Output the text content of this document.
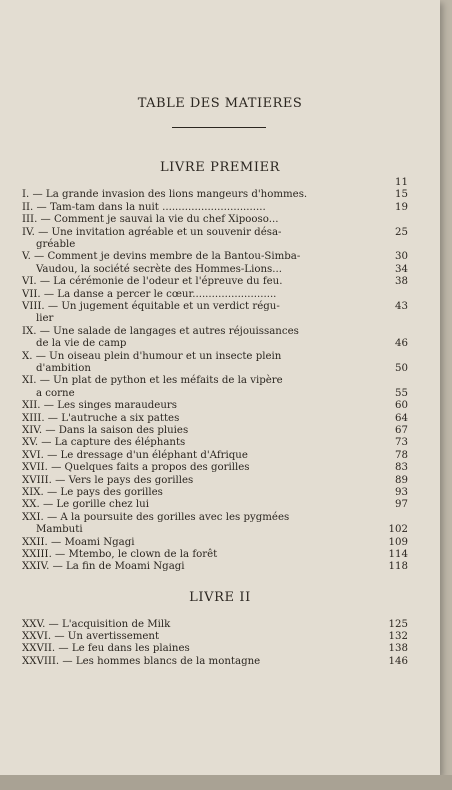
TABLE DES MATIERES
LIVRE PREMIER
11
I. — La grande invasion des lions mangeurs d'hommes.	15
II. — Tam-tam dans la nuit ................................	19
III. — Comment je sauvai la vie du chef Xipooso...
IV. — Une invitation agréable et un souvenir désa-	25
gréable
V. — Comment je devins membre de la Bantou-Simba-	30
Vaudou, la société secrète des Hommes-Lions...	34
VI. — La cérémonie de l'odeur et l'épreuve du feu.	38
VII. — La danse a percer le cœur..........................
VIII. — Un jugement équitable et un verdict régu-	43
lier
IX. — Une salade de langages et autres réjouissances
de la vie de camp	46
X. — Un oiseau plein d'humour et un insecte plein
d'ambition	50
XI. — Un plat de python et les méfaits de la vipère
a corne	55
XII. — Les singes maraudeurs	60
XIII. — L'autruche a six pattes	64
XIV. — Dans la saison des pluies	67
XV. — La capture des éléphants	73
XVI. — Le dressage d'un éléphant d'Afrique	78
XVII. — Quelques faits a propos des gorilles	83
XVIII. — Vers le pays des gorilles	89
XIX. — Le pays des gorilles	93
XX. — Le gorille chez lui	97
XXI. — A la poursuite des gorilles avec les pygmées
Mambuti	102
XXII. — Moami Ngagi	109
XXIII. — Mtembo, le clown de la forêt	114
XXIV. — La fin de Moami Ngagi	118
LIVRE II
XXV. — L'acquisition de Milk	125
XXVI. — Un avertissement	132
XXVII. — Le feu dans les plaines	138
XXVIII. — Les hommes blancs de la montagne	146
